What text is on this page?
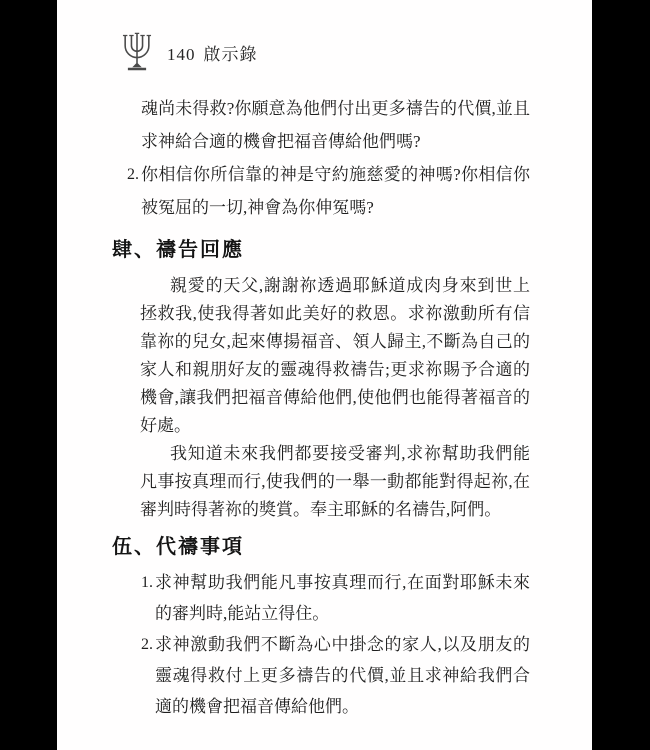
140 啟示錄
魂尚未得救?你願意為他們付出更多禱告的代價,並且求神給合適的機會把福音傳給他們嗎?
2. 你相信你所信靠的神是守約施慈愛的神嗎?你相信你被冤屈的一切,神會為你伸冤嗎?
肆、禱告回應

親愛的天父,謝謝祢透過耶穌道成肉身來到世上拯救我,使我得著如此美好的救恩。求祢激動所有信靠祢的兒女,起來傳揚福音、領人歸主,不斷為自己的家人和親朋好友的靈魂得救禱告;更求祢賜予合適的機會,讓我們把福音傳給他們,使他們也能得著福音的好處。

我知道未來我們都要接受審判,求祢幫助我們能凡事按真理而行,使我們的一舉一動都能對得起祢,在審判時得著祢的獎賞。奉主耶穌的名禱告,阿們。

伍、代禱事項
1. 求神幫助我們能凡事按真理而行,在面對耶穌未來的審判時,能站立得住。
2. 求神激動我們不斷為心中掛念的家人,以及朋友的靈魂得救付上更多禱告的代價,並且求神給我們合適的機會把福音傳給他們。
